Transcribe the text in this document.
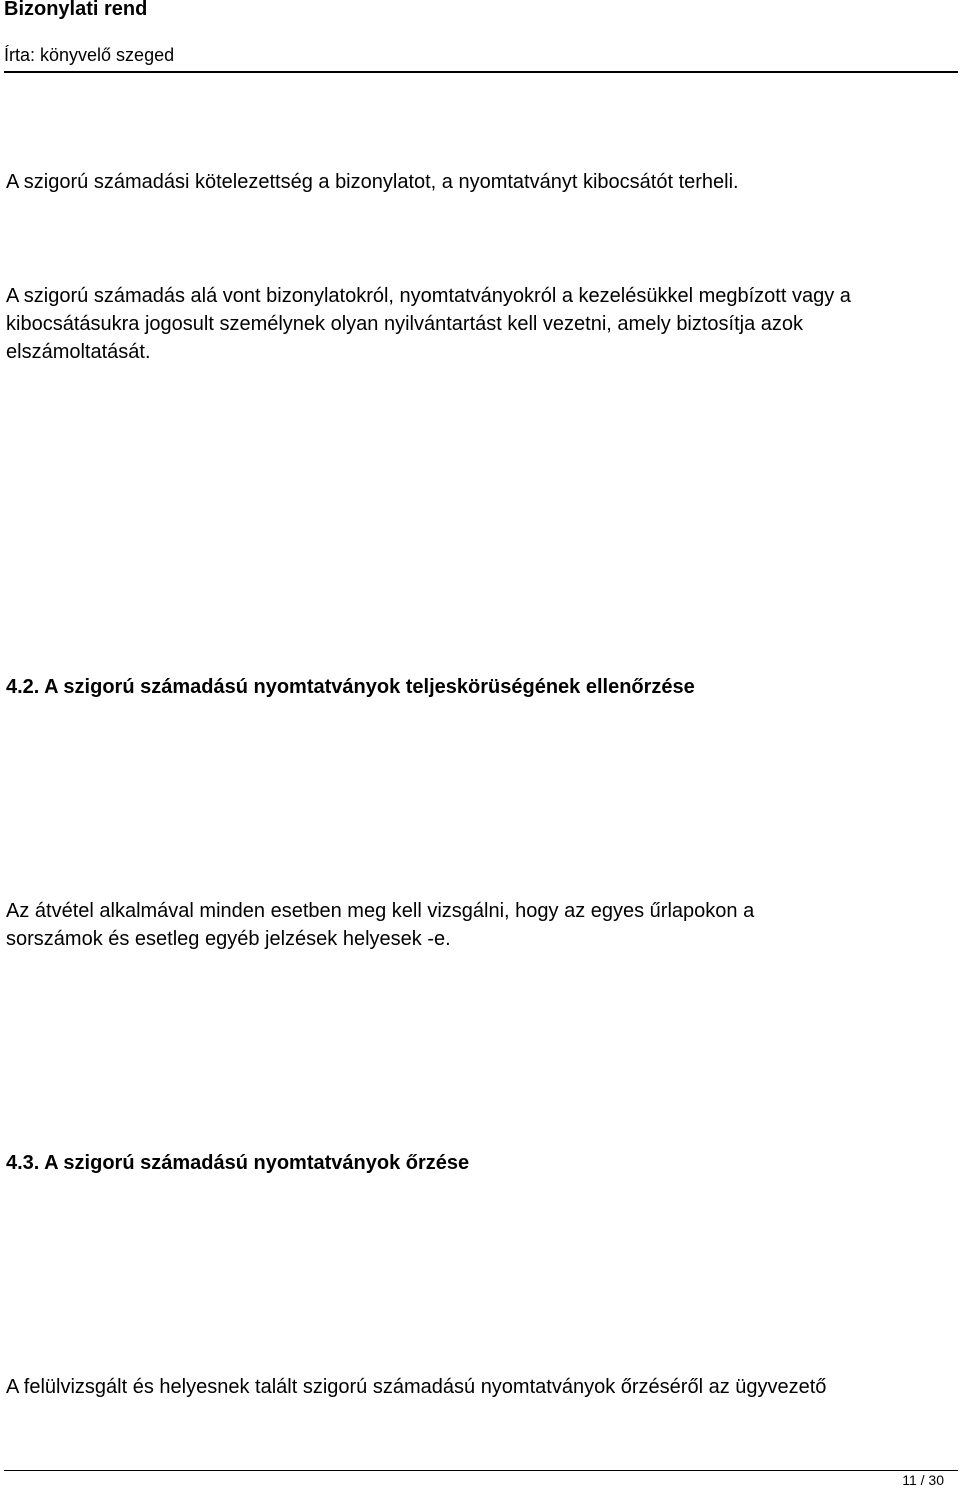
Bizonylati rend

Írta: könyvelő szeged

A szigorú számadási kötelezettség a bizonylatot, a nyomtatványt kibocsátót terheli.

A szigorú számadás alá vont bizonylatokról, nyomtatványokról a kezelésükkel megbízott vagy a
kibocsátásukra jogosult személynek olyan nyilvántartást kell vezetni, amely biztosítja azok
elszámoltatását.

4.2. A szigorú számadású nyomtatványok teljeskörüségének ellenőrzése

Az átvétel alkalmával minden esetben meg kell vizsgálni, hogy az egyes űrlapokon a
sorszámok és esetleg egyéb jelzések helyesek -e.

4.3. A szigorú számadású nyomtatványok őrzése

A felülvizsgált és helyesnek talált szigorú számadású nyomtatványok őrzéséről az ügyvezető

11 / 30
